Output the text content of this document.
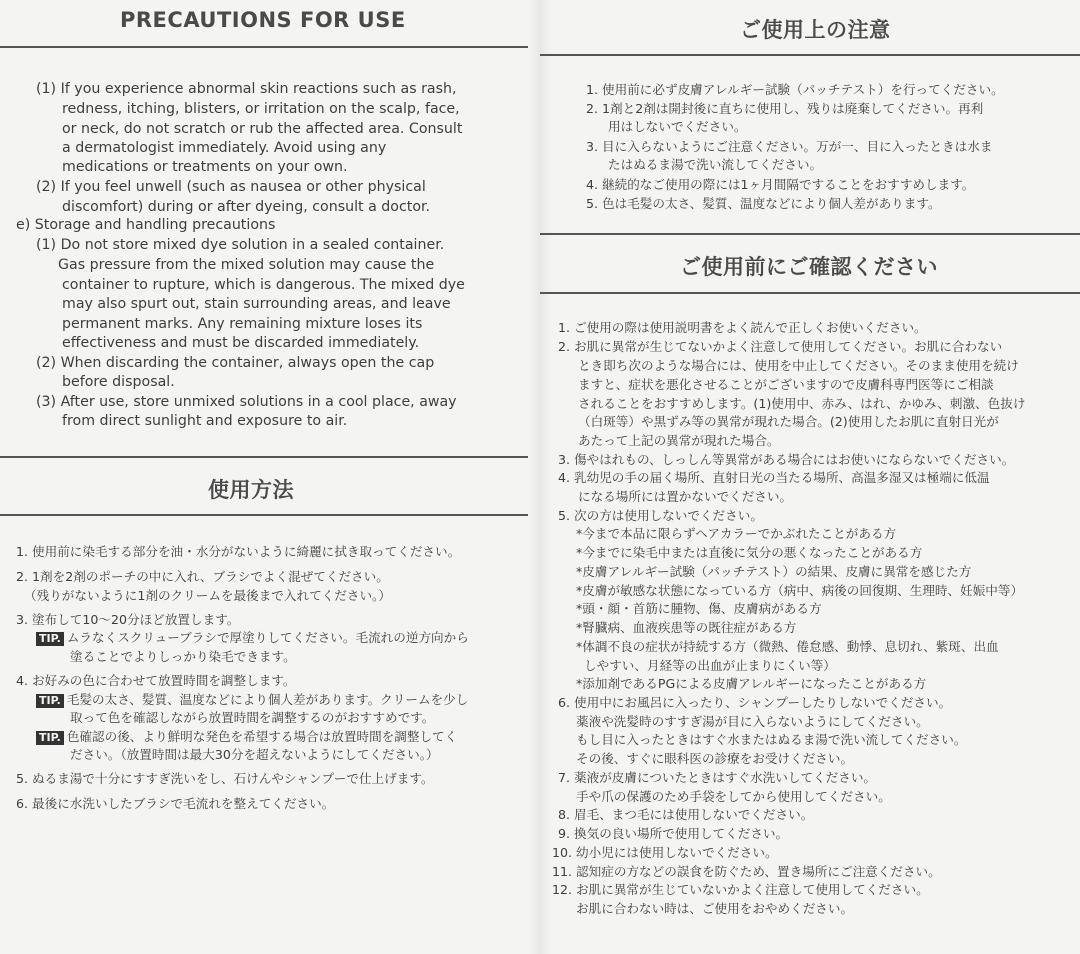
PRECAUTIONS FOR USE
(1) If you experience abnormal skin reactions such as rash,
redness, itching, blisters, or irritation on the scalp, face,
or neck, do not scratch or rub the affected area. Consult
a dermatologist immediately. Avoid using any
medications or treatments on your own.
(2) If you feel unwell (such as nausea or other physical
discomfort) during or after dyeing, consult a doctor.
e) Storage and handling precautions
(1) Do not store mixed dye solution in a sealed container.
Gas pressure from the mixed solution may cause the
container to rupture, which is dangerous. The mixed dye
may also spurt out, stain surrounding areas, and leave
permanent marks. Any remaining mixture loses its
effectiveness and must be discarded immediately.
(2) When discarding the container, always open the cap
before disposal.
(3) After use, store unmixed solutions in a cool place, away
from direct sunlight and exposure to air.
使用方法
1. 使用前に染毛する部分を油・水分がないように綺麗に拭き取ってください。
2. 1剤を2剤のポーチの中に入れ、ブラシでよく混ぜてください。
（残りがないように1剤のクリームを最後まで入れてください。）
3. 塗布して10～20分ほど放置します。
TIP. ムラなくスクリューブラシで厚塗りしてください。毛流れの逆方向から
塗ることでよりしっかり染毛できます。
4. お好みの色に合わせて放置時間を調整します。
TIP. 毛髪の太さ、髪質、温度などにより個人差があります。クリームを少し
取って色を確認しながら放置時間を調整するのがおすすめです。
TIP. 色確認の後、より鮮明な発色を希望する場合は放置時間を調整してく
ださい。（放置時間は最大30分を超えないようにしてください。）
5. ぬるま湯で十分にすすぎ洗いをし、石けんやシャンプーで仕上げます。
6. 最後に水洗いしたブラシで毛流れを整えてください。
ご使用上の注意
1. 使用前に必ず皮膚アレルギー試験（パッチテスト）を行ってください。
2. 1剤と2剤は開封後に直ちに使用し、残りは廃棄してください。再利
用はしないでください。
3. 目に入らないようにご注意ください。万が一、目に入ったときは水ま
たはぬるま湯で洗い流してください。
4. 継続的なご使用の際には1ヶ月間隔ですることをおすすめします。
5. 色は毛髪の太さ、髪質、温度などにより個人差があります。
ご使用前にご確認ください
1. ご使用の際は使用説明書をよく読んで正しくお使いください。
2. お肌に異常が生じてないかよく注意して使用してください。お肌に合わない
とき即ち次のような場合には、使用を中止してください。そのまま使用を続け
ますと、症状を悪化させることがございますので皮膚科専門医等にご相談
されることをおすすめします。(1)使用中、赤み、はれ、かゆみ、刺激、色抜け
（白斑等）や黒ずみ等の異常が現れた場合。(2)使用したお肌に直射日光が
あたって上記の異常が現れた場合。
3. 傷やはれもの、しっしん等異常がある場合にはお使いにならないでください。
4. 乳幼児の手の届く場所、直射日光の当たる場所、高温多湿又は極端に低温
になる場所には置かないでください。
5. 次の方は使用しないでください。
*今まで本品に限らずヘアカラーでかぶれたことがある方
*今までに染毛中または直後に気分の悪くなったことがある方
*皮膚アレルギー試験（パッチテスト）の結果、皮膚に異常を感じた方
*皮膚が敏感な状態になっている方（病中、病後の回復期、生理時、妊娠中等）
*頭・顔・首筋に腫物、傷、皮膚病がある方
*腎臓病、血液疾患等の既往症がある方
*体調不良の症状が持続する方（微熱、倦怠感、動悸、息切れ、紫斑、出血
しやすい、月経等の出血が止まりにくい等）
*添加剤であるPGによる皮膚アレルギーになったことがある方
6. 使用中にお風呂に入ったり、シャンプーしたりしないでください。
薬液や洗髪時のすすぎ湯が目に入らないようにしてください。
もし目に入ったときはすぐ水またはぬるま湯で洗い流してください。
その後、すぐに眼科医の診療をお受けください。
7. 薬液が皮膚についたときはすぐ水洗いしてください。
手や爪の保護のため手袋をしてから使用してください。
8. 眉毛、まつ毛には使用しないでください。
9. 換気の良い場所で使用してください。
10. 幼小児には使用しないでください。
11. 認知症の方などの誤食を防ぐため、置き場所にご注意ください。
12. お肌に異常が生じていないかよく注意して使用してください。
お肌に合わない時は、ご使用をおやめください。
